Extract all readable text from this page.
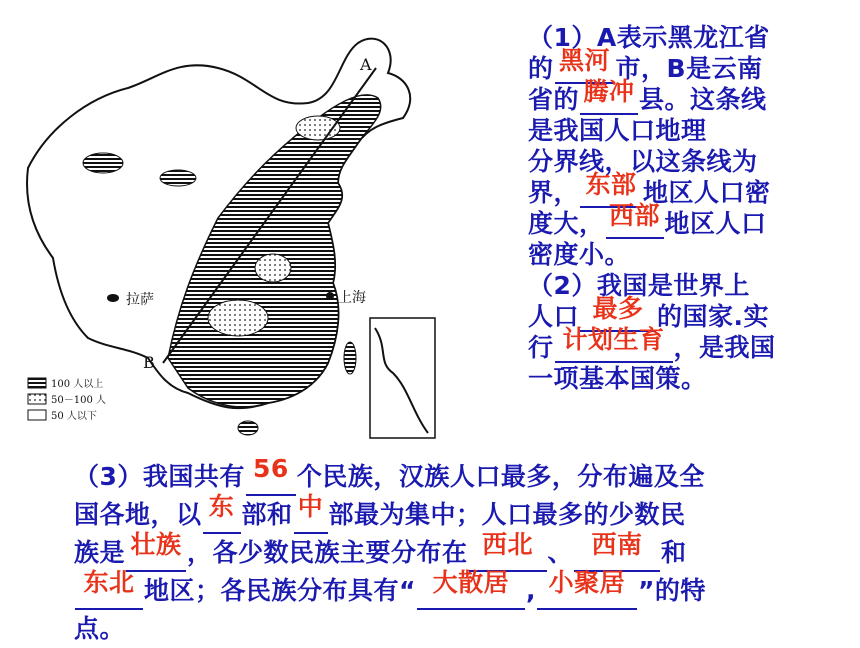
A
B
拉萨	上海
100 人以上
50－100 人
50 人以下
（1）A表示黑龙江省
的 黑河 市，B是云南
省的 腾冲 县。这条线
是我国人口地理
分界线，以这条线为
界， 东部 地区人口密
度大， 西部 地区人口
密度小。
（2）我国是世界上
人口 最多 的国家.实
行 计划生育 ，是我国
一项基本国策。
（3）我国共有 56 个民族，汉族人口最多，分布遍及全
国各地，以 东 部和 中 部最为集中；人口最多的少数民
族是 壮族 ，各少数民族主要分布在 西北 、 西南 和
东北 地区；各民族分布具有“ 大散居 , 小聚居 ”的特
点。
